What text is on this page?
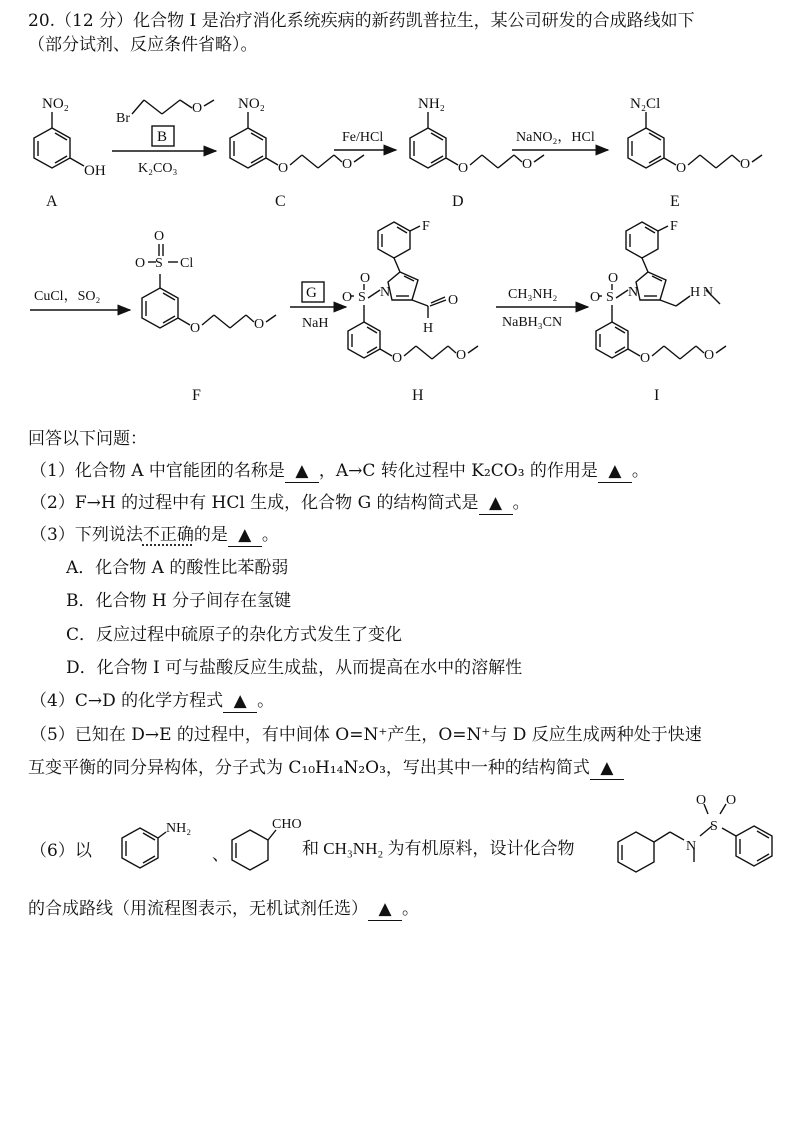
20.（12 分）化合物 I 是治疗消化系统疾病的新药凯普拉生，某公司研发的合成路线如下
（部分试剂、反应条件省略）。
NO₂
OH
A
Br
O
B
K₂CO₃
NO₂
O	O
C
Fe/HCl
NH₂
O	O
D
NaNO₂，HCl
N₂Cl
O	O
E
CuCl，SO₂
O
O S Cl
O	O
F
G
NaH
F
O
O S N
O
H
O	O
H
CH₃NH₂
NaBH₃CN
F
O
O S N	H N
O	O
I
回答以下问题：
（1）化合物 A 中官能团的名称是 ▲ ，A→C 转化过程中 K₂CO₃ 的作用是 ▲ 。
（2）F→H 的过程中有 HCl 生成，化合物 G 的结构简式是 ▲ 。
（3）下列说法不正确的是 ▲ 。
A．化合物 A 的酸性比苯酚弱
B．化合物 H 分子间存在氢键
C．反应过程中硫原子的杂化方式发生了变化
D．化合物 I 可与盐酸反应生成盐，从而提高在水中的溶解性
（4）C→D 的化学方程式 ▲ 。
（5）已知在 D→E 的过程中，有中间体 O=N⁺产生，O=N⁺与 D 反应生成两种处于快速
互变平衡的同分异构体，分子式为 C₁₀H₁₄N₂O₃，写出其中一种的结构简式 ▲
（6）以
NH₂
、
CHO
和 CH₃NH₂ 为有机原料，设计化合物	N
S
O O
的合成路线（用流程图表示，无机试剂任选） ▲ 。
